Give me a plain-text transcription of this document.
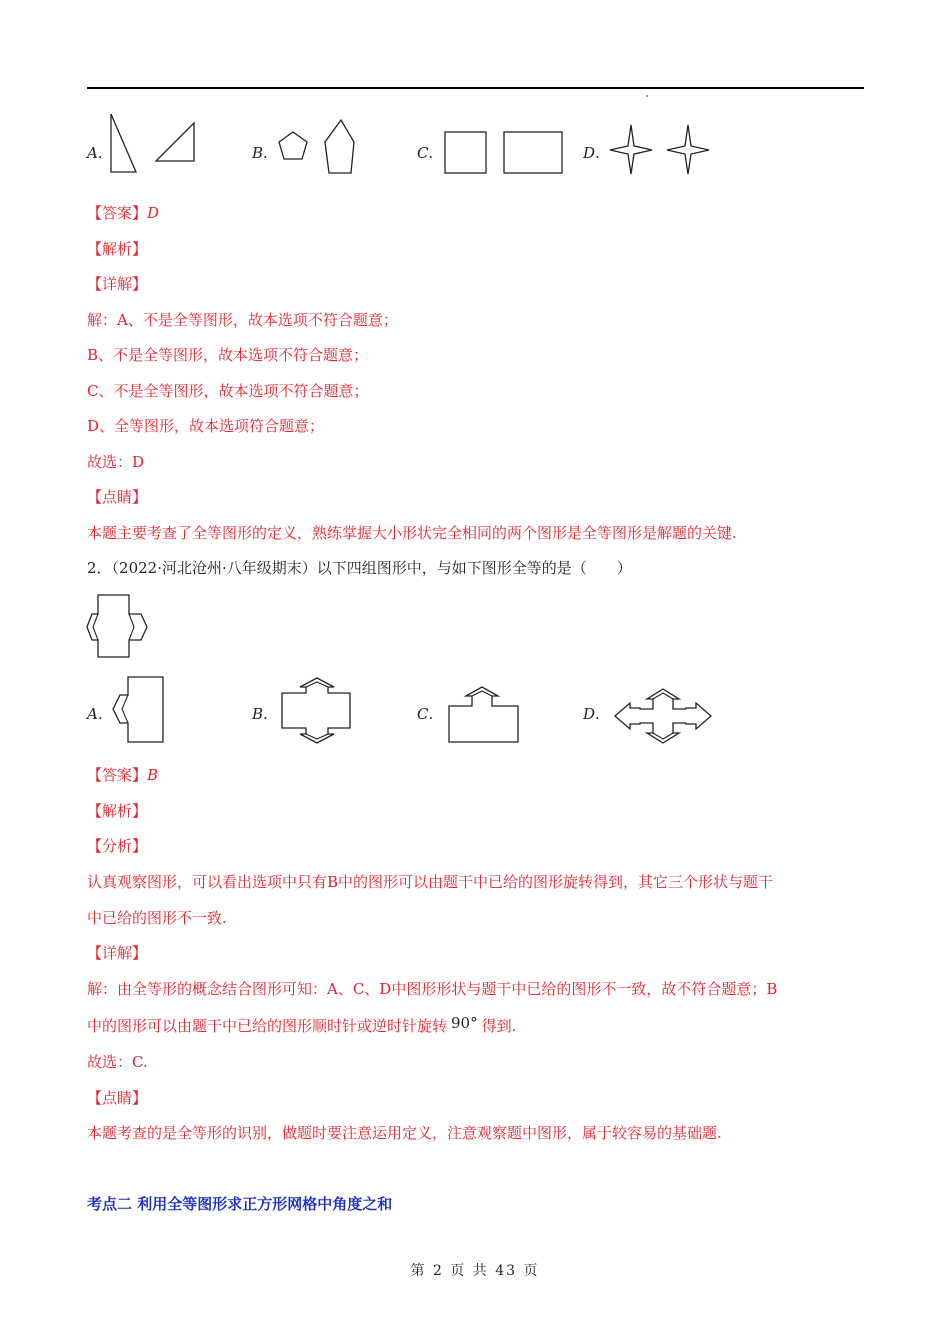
A.	B.	C.	D.
【答案】D
【解析】
【详解】
解：A、不是全等图形，故本选项不符合题意；
B、不是全等图形，故本选项不符合题意；
C、不是全等图形，故本选项不符合题意；
D、全等图形，故本选项符合题意；
故选：D
【点睛】
本题主要考查了全等图形的定义，熟练掌握大小形状完全相同的两个图形是全等图形是解题的关键.
2．（2022·河北沧州·八年级期末）以下四组图形中，与如下图形全等的是（　　）
A.	B.	C.	D.
【答案】B
【解析】
【分析】
认真观察图形，可以看出选项中只有B中的图形可以由题干中已给的图形旋转得到，其它三个形状与题干
中已给的图形不一致.
【详解】
解：由全等形的概念结合图形可知：A、C、D中图形形状与题干中已给的图形不一致，故不符合题意；B
中的图形可以由题干中已给的图形顺时针或逆时针旋转 90° 得到.
故选：C.
【点睛】
本题考查的是全等形的识别，做题时要注意运用定义，注意观察题中图形，属于较容易的基础题.
考点二 利用全等图形求正方形网格中角度之和
第 2 页 共 43 页
